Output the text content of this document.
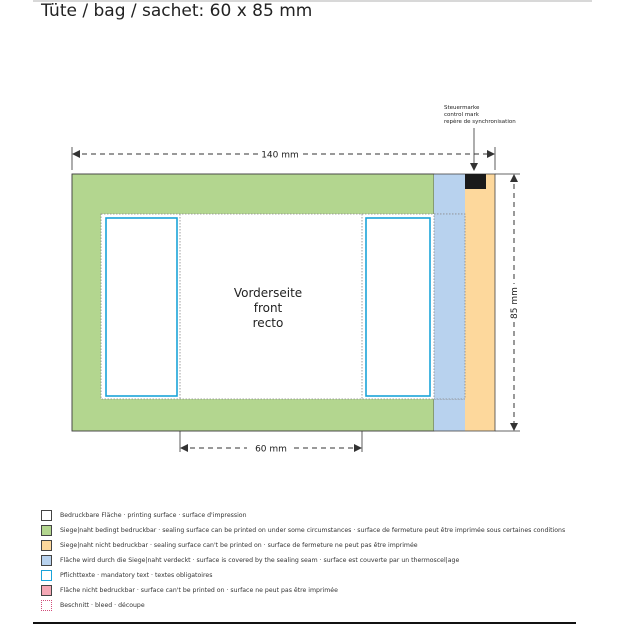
Tüte / bag / sachet: 60 x 85 mm
Steuermarke
control mark
repère de synchronisation
140 mm
Vorderseite
front
recto
85 mm
60 mm
Bedruckbare Fläche · printing surface · surface d'impression
Siege|naht bedingt bedruckbar · sealing surface can be printed on under some circumstances · surface de fermeture peut être imprimée sous certaines conditions
Siege|naht nicht bedruckbar · sealing surface can't be printed on · surface de fermeture ne peut pas être imprimée
Fläche wird durch die Siege|naht verdeckt · surface is covered by the sealing seam · surface est couverte par un thermoscel|age
Pflichttexte · mandatory text · textes obligatoires
Fläche nicht bedruckbar · surface can't be printed on · surface ne peut pas être imprimée
Beschnitt · bleed · découpe
